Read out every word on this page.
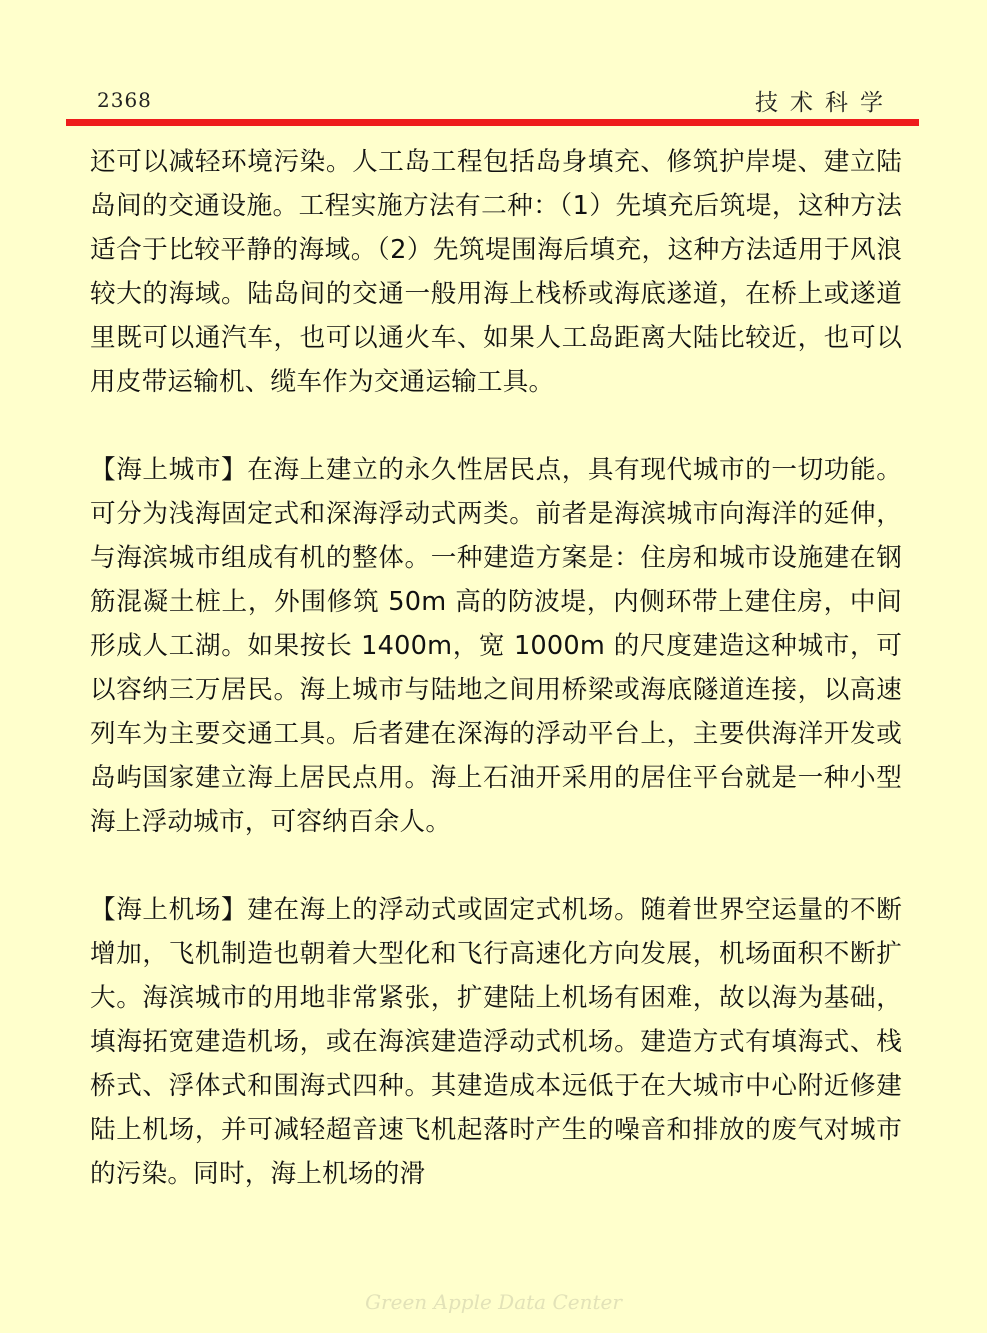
2368	技术科学

还可以减轻环境污染。人工岛工程包括岛身填充、修筑护岸堤、建立陆岛间的交通设施。工程实施方法有二种：（1）先填充后筑堤，这种方法适合于比较平静的海域。（2）先筑堤围海后填充，这种方法适用于风浪较大的海域。陆岛间的交通一般用海上栈桥或海底遂道，在桥上或遂道里既可以通汽车，也可以通火车、如果人工岛距离大陆比较近，也可以用皮带运输机、缆车作为交通运输工具。

【海上城市】在海上建立的永久性居民点，具有现代城市的一切功能。可分为浅海固定式和深海浮动式两类。前者是海滨城市向海洋的延伸，与海滨城市组成有机的整体。一种建造方案是：住房和城市设施建在钢筋混凝土桩上，外围修筑 50m 高的防波堤，内侧环带上建住房，中间形成人工湖。如果按长 1400m，宽 1000m 的尺度建造这种城市，可以容纳三万居民。海上城市与陆地之间用桥梁或海底隧道连接，以高速列车为主要交通工具。后者建在深海的浮动平台上，主要供海洋开发或岛屿国家建立海上居民点用。海上石油开采用的居住平台就是一种小型海上浮动城市，可容纳百余人。

【海上机场】建在海上的浮动式或固定式机场。随着世界空运量的不断增加，飞机制造也朝着大型化和飞行高速化方向发展，机场面积不断扩大。海滨城市的用地非常紧张，扩建陆上机场有困难，故以海为基础，填海拓宽建造机场，或在海滨建造浮动式机场。建造方式有填海式、栈桥式、浮体式和围海式四种。其建造成本远低于在大城市中心附近修建陆上机场，并可减轻超音速飞机起落时产生的噪音和排放的废气对城市的污染。同时，海上机场的滑

Green Apple Data Center
